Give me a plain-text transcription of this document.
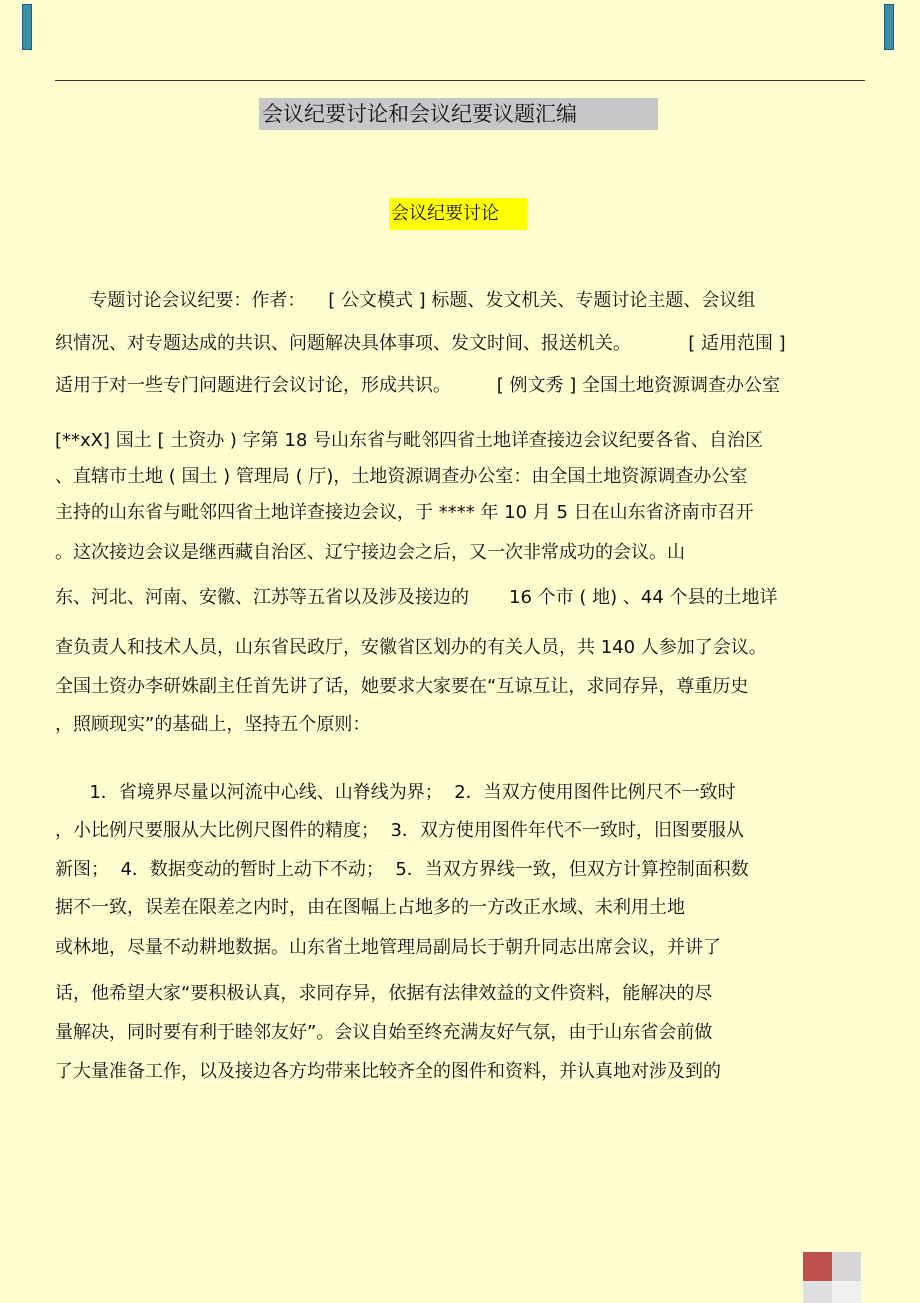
会议纪要讨论和会议纪要议题汇编
会议纪要讨论
专题讨论会议纪要：作者：    [ 公文模式 ] 标题、发文机关、专题讨论主题、会议组
织情况、对专题达成的共识、问题解决具体事项、发文时间、报送机关。          [ 适用范围 ]
适用于对一些专门问题进行会议讨论，形成共识。        [ 例文秀 ] 全国土地资源调查办公室
[**xX] 国土 [ 土资办 ) 字第 18 号山东省与毗邻四省土地详查接边会议纪要各省、自治区
、直辖市土地 ( 国土 ) 管理局 ( 厅)，土地资源调查办公室：由全国土地资源调查办公室
主持的山东省与毗邻四省土地详查接边会议，于 **** 年 10 月 5 日在山东省济南市召开
。这次接边会议是继西藏自治区、辽宁接边会之后，又一次非常成功的会议。山
东、河北、河南、安徽、江苏等五省以及涉及接边的       16 个市 ( 地) 、44 个县的土地详
查负责人和技术人员，山东省民政厅，安徽省区划办的有关人员，共 140 人参加了会议。
全国土资办李研姝副主任首先讲了话，她要求大家要在“互谅互让，求同存异，尊重历史
，照顾现实”的基础上，坚持五个原则：
1．省境界尽量以河流中心线、山脊线为界；  2．当双方使用图件比例尺不一致时
，小比例尺要服从大比例尺图件的精度；  3．双方使用图件年代不一致时，旧图要服从
新图；  4．数据变动的暂时上动下不动；  5．当双方界线一致，但双方计算控制面积数
据不一致，误差在限差之内时，由在图幅上占地多的一方改正水域、未利用土地
或林地，尽量不动耕地数据。山东省土地管理局副局长于朝升同志出席会议，并讲了
话，他希望大家“要积极认真，求同存异，依据有法律效益的文件资料，能解决的尽
量解决，同时要有利于睦邻友好”。会议自始至终充满友好气氛，由于山东省会前做
了大量准备工作，以及接边各方均带来比较齐全的图件和资料，并认真地对涉及到的
